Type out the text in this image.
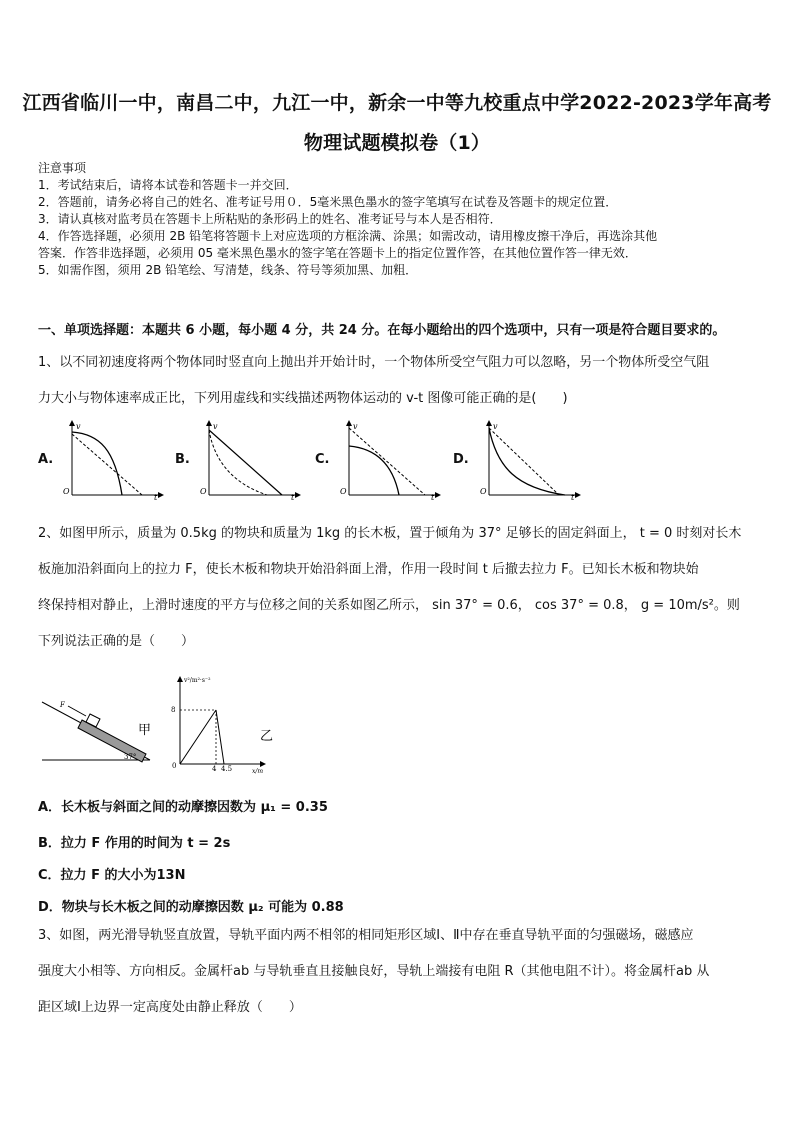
江西省临川一中，南昌二中，九江一中，新余一中等九校重点中学2022-2023学年高考
物理试题模拟卷（1）

注意事项

1．考试结束后，请将本试卷和答题卡一并交回．

2．答题前，请务必将自己的姓名、准考证号用０．5毫米黑色墨水的签字笔填写在试卷及答题卡的规定位置．

3．请认真核对监考员在答题卡上所粘贴的条形码上的姓名、准考证号与本人是否相符．

4．作答选择题，必须用 2B 铅笔将答题卡上对应选项的方框涂满、涂黑；如需改动，请用橡皮擦干净后，再选涂其他

答案．作答非选择题，必须用 05 毫米黑色墨水的签字笔在答题卡上的指定位置作答，在其他位置作答一律无效．

5．如需作图，须用 2B 铅笔绘、写清楚，线条、符号等须加黑、加粗．

一、单项选择题：本题共 6 小题，每小题 4 分，共 24 分。在每小题给出的四个选项中，只有一项是符合题目要求的。

1、以不同初速度将两个物体同时竖直向上抛出并开始计时，一个物体所受空气阻力可以忽略，另一个物体所受空气阻

力大小与物体速率成正比，下列用虚线和实线描述两物体运动的 v-t 图像可能正确的是(　　)

A.	B.	C.	D.
v
t
O
v
t
O
v
t
O
v
t
O

2、如图甲所示，质量为 0.5kg 的物块和质量为 1kg 的长木板，置于倾角为 37° 足够长的固定斜面上， t = 0 时刻对长木

板施加沿斜面向上的拉力 F，使长木板和物块开始沿斜面上滑，作用一段时间 t 后撤去拉力 F。已知长木板和物块始

终保持相对静止，上滑时速度的平方与位移之间的关系如图乙所示， sin 37° = 0.6， cos 37° = 0.8， g = 10m/s²。则

下列说法正确的是（　　）

F
37°
甲
v²/m²·s⁻²
x/m
8
0	4 4.5
乙
A．长木板与斜面之间的动摩擦因数为 μ₁ = 0.35
B．拉力 F 作用的时间为 t = 2s
C．拉力 F 的大小为13N
D．物块与长木板之间的动摩擦因数 μ₂ 可能为 0.88

3、如图，两光滑导轨竖直放置，导轨平面内两不相邻的相同矩形区域Ⅰ、Ⅱ中存在垂直导轨平面的匀强磁场，磁感应

强度大小相等、方向相反。金属杆ab 与导轨垂直且接触良好，导轨上端接有电阻 R（其他电阻不计）。将金属杆ab 从

距区域Ⅰ上边界一定高度处由静止释放（　　）
